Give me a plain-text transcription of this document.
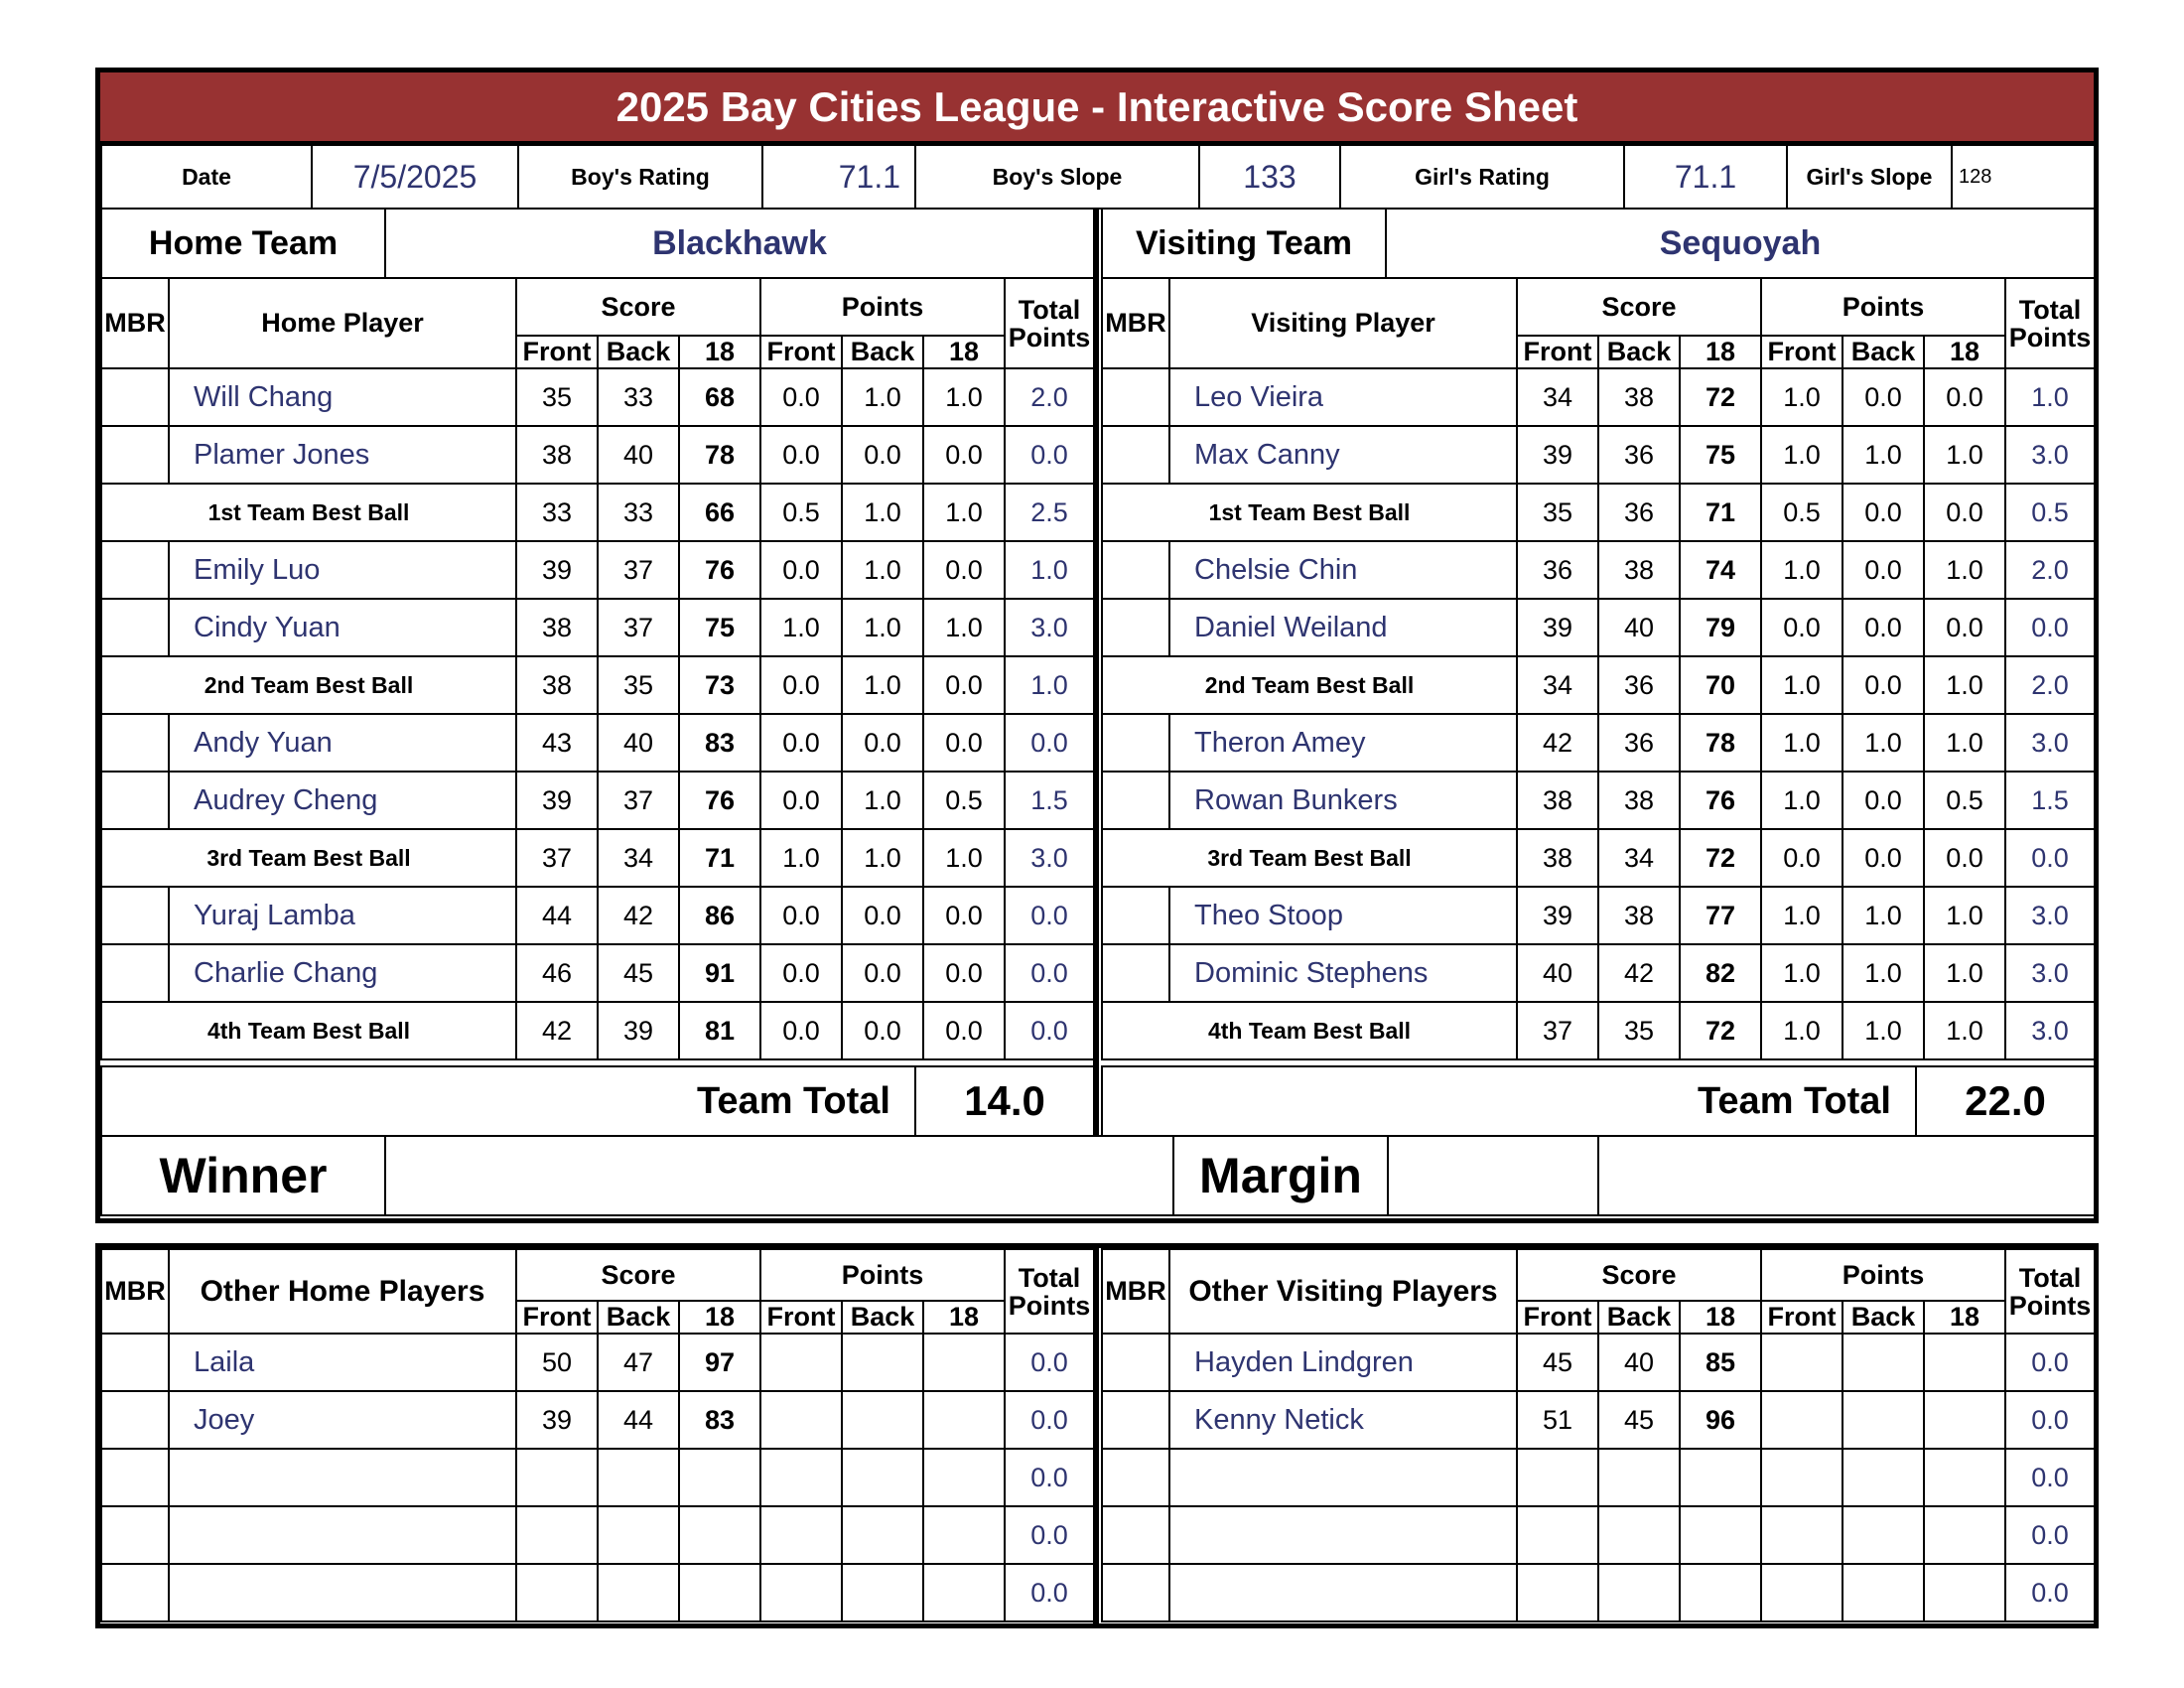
2025 Bay Cities League - Interactive Score Sheet
Date	7/5/2025	Boy's Rating	71.1	Boy's Slope	133	Girl's Rating	71.1	Girl's Slope	128
Home Team	Blackhawk
MBR	Home Player	Score			Points			Total Points
		Front	Back	18	Front	Back	18	
	Will Chang	35	33	68	0.0	1.0	1.0	2.0
	Plamer Jones	38	40	78	0.0	0.0	0.0	0.0
1st Team Best Ball		33	33	66	0.5	1.0	1.0	2.5
	Emily Luo	39	37	76	0.0	1.0	0.0	1.0
	Cindy Yuan	38	37	75	1.0	1.0	1.0	3.0
2nd Team Best Ball		38	35	73	0.0	1.0	0.0	1.0
	Andy Yuan	43	40	83	0.0	0.0	0.0	0.0
	Audrey Cheng	39	37	76	0.0	1.0	0.5	1.5
3rd Team Best Ball		37	34	71	1.0	1.0	1.0	3.0
	Yuraj Lamba	44	42	86	0.0	0.0	0.0	0.0
	Charlie Chang	46	45	91	0.0	0.0	0.0	0.0
4th Team Best Ball		42	39	81	0.0	0.0	0.0	0.0
Team Total	14.0
Visiting Team	Sequoyah
MBR	Visiting Player	Score			Points			Total Points
		Front	Back	18	Front	Back	18	
	Leo Vieira	34	38	72	1.0	0.0	0.0	1.0
	Max Canny	39	36	75	1.0	1.0	1.0	3.0
1st Team Best Ball		35	36	71	0.5	0.0	0.0	0.5
	Chelsie Chin	36	38	74	1.0	0.0	1.0	2.0
	Daniel Weiland	39	40	79	0.0	0.0	0.0	0.0
2nd Team Best Ball		34	36	70	1.0	0.0	1.0	2.0
	Theron Amey	42	36	78	1.0	1.0	1.0	3.0
	Rowan Bunkers	38	38	76	1.0	0.0	0.5	1.5
3rd Team Best Ball		38	34	72	0.0	0.0	0.0	0.0
	Theo Stoop	39	38	77	1.0	1.0	1.0	3.0
	Dominic Stephens	40	42	82	1.0	1.0	1.0	3.0
4th Team Best Ball		37	35	72	1.0	1.0	1.0	3.0
Team Total	22.0
Winner		Margin		
MBR	Other Home Players	Score			Points			Total Points
		Front	Back	18	Front	Back	18	
	Laila	50	47	97				0.0
	Joey	39	44	83				0.0
								0.0
								0.0
								0.0
MBR	Other Visiting Players	Score			Points			Total Points
		Front	Back	18	Front	Back	18	
	Hayden Lindgren	45	40	85				0.0
	Kenny Netick	51	45	96				0.0
								0.0
								0.0
								0.0
